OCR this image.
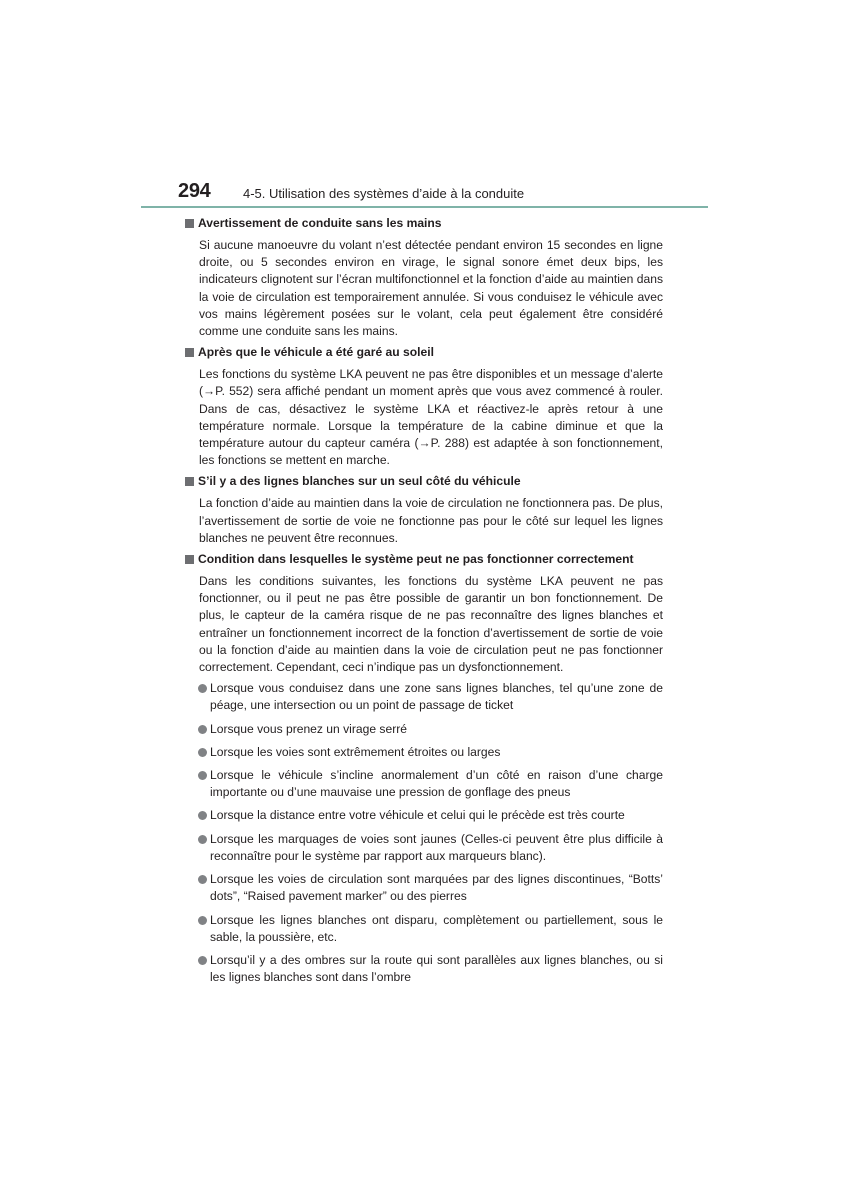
294	4-5. Utilisation des systèmes d’aide à la conduite
Avertissement de conduite sans les mains

Si aucune manoeuvre du volant n’est détectée pendant environ 15 secondes en ligne droite, ou 5 secondes environ en virage, le signal sonore émet deux bips, les indicateurs clignotent sur l’écran multifonctionnel et la fonction d’aide au maintien dans la voie de circulation est temporairement annulée. Si vous conduisez le véhicule avec vos mains légèrement posées sur le volant, cela peut également être considéré comme une conduite sans les mains.

Après que le véhicule a été garé au soleil

Les fonctions du système LKA peuvent ne pas être disponibles et un message d’alerte (→P. 552) sera affiché pendant un moment après que vous avez commencé à rouler. Dans de cas, désactivez le système LKA et réactivez-le après retour à une température normale. Lorsque la température de la cabine diminue et que la température autour du capteur caméra (→P. 288) est adaptée à son fonctionnement, les fonctions se mettent en marche.

S’il y a des lignes blanches sur un seul côté du véhicule

La fonction d’aide au maintien dans la voie de circulation ne fonctionnera pas. De plus, l’avertissement de sortie de voie ne fonctionne pas pour le côté sur lequel les lignes blanches ne peuvent être reconnues.

Condition dans lesquelles le système peut ne pas fonctionner correctement

Dans les conditions suivantes, les fonctions du système LKA peuvent ne pas fonctionner, ou il peut ne pas être possible de garantir un bon fonctionnement. De plus, le capteur de la caméra risque de ne pas reconnaître des lignes blanches et entraîner un fonctionnement incorrect de la fonction d’avertissement de sortie de voie ou la fonction d’aide au maintien dans la voie de circulation peut ne pas fonctionner correctement. Cependant, ceci n’indique pas un dysfonctionnement.

Lorsque vous conduisez dans une zone sans lignes blanches, tel qu’une zone de péage, une intersection ou un point de passage de ticket
Lorsque vous prenez un virage serré
Lorsque les voies sont extrêmement étroites ou larges
Lorsque le véhicule s’incline anormalement d’un côté en raison d’une charge importante ou d’une mauvaise une pression de gonflage des pneus
Lorsque la distance entre votre véhicule et celui qui le précède est très courte
Lorsque les marquages de voies sont jaunes (Celles-ci peuvent être plus difficile à reconnaître pour le système par rapport aux marqueurs blanc).
Lorsque les voies de circulation sont marquées par des lignes discontinues, “Botts’ dots”, “Raised pavement marker” ou des pierres
Lorsque les lignes blanches ont disparu, complètement ou partiellement, sous le sable, la poussière, etc.
Lorsqu’il y a des ombres sur la route qui sont parallèles aux lignes blanches, ou si les lignes blanches sont dans l’ombre
